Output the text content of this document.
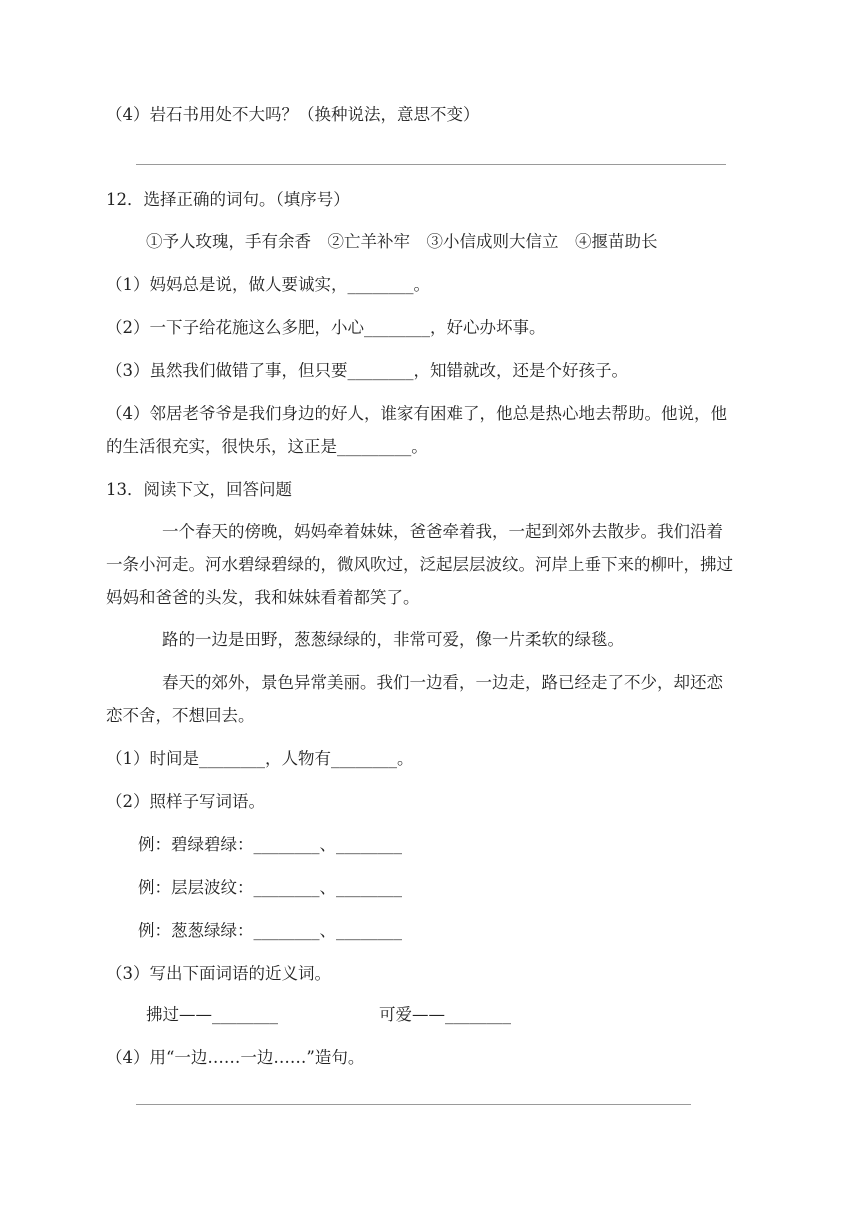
（4）岩石书用处不大吗？（换种说法，意思不变）
12．选择正确的词句。（填序号）
①予人玫瑰，手有余香　②亡羊补牢　③小信成则大信立　④揠苗助长
（1）妈妈总是说，做人要诚实，________。
（2）一下子给花施这么多肥，小心________，好心办坏事。
（3）虽然我们做错了事，但只要________，知错就改，还是个好孩子。
（4）邻居老爷爷是我们身边的好人，谁家有困难了，他总是热心地去帮助。他说，他
的生活很充实，很快乐，这正是_________。
13．阅读下文，回答问题
一个春天的傍晚，妈妈牵着妹妹，爸爸牵着我，一起到郊外去散步。我们沿着
一条小河走。河水碧绿碧绿的，微风吹过，泛起层层波纹。河岸上垂下来的柳叶，拂过
妈妈和爸爸的头发，我和妹妹看着都笑了。
路的一边是田野，葱葱绿绿的，非常可爱，像一片柔软的绿毯。
春天的郊外，景色异常美丽。我们一边看，一边走，路已经走了不少，却还恋
恋不舍，不想回去。
（1）时间是________，人物有________。
（2）照样子写词语。
例：碧绿碧绿：________、________
例：层层波纹：________、________
例：葱葱绿绿：________、________
（3）写出下面词语的近义词。
拂过——________	可爱——________
（4）用“一边……一边……”造句。
